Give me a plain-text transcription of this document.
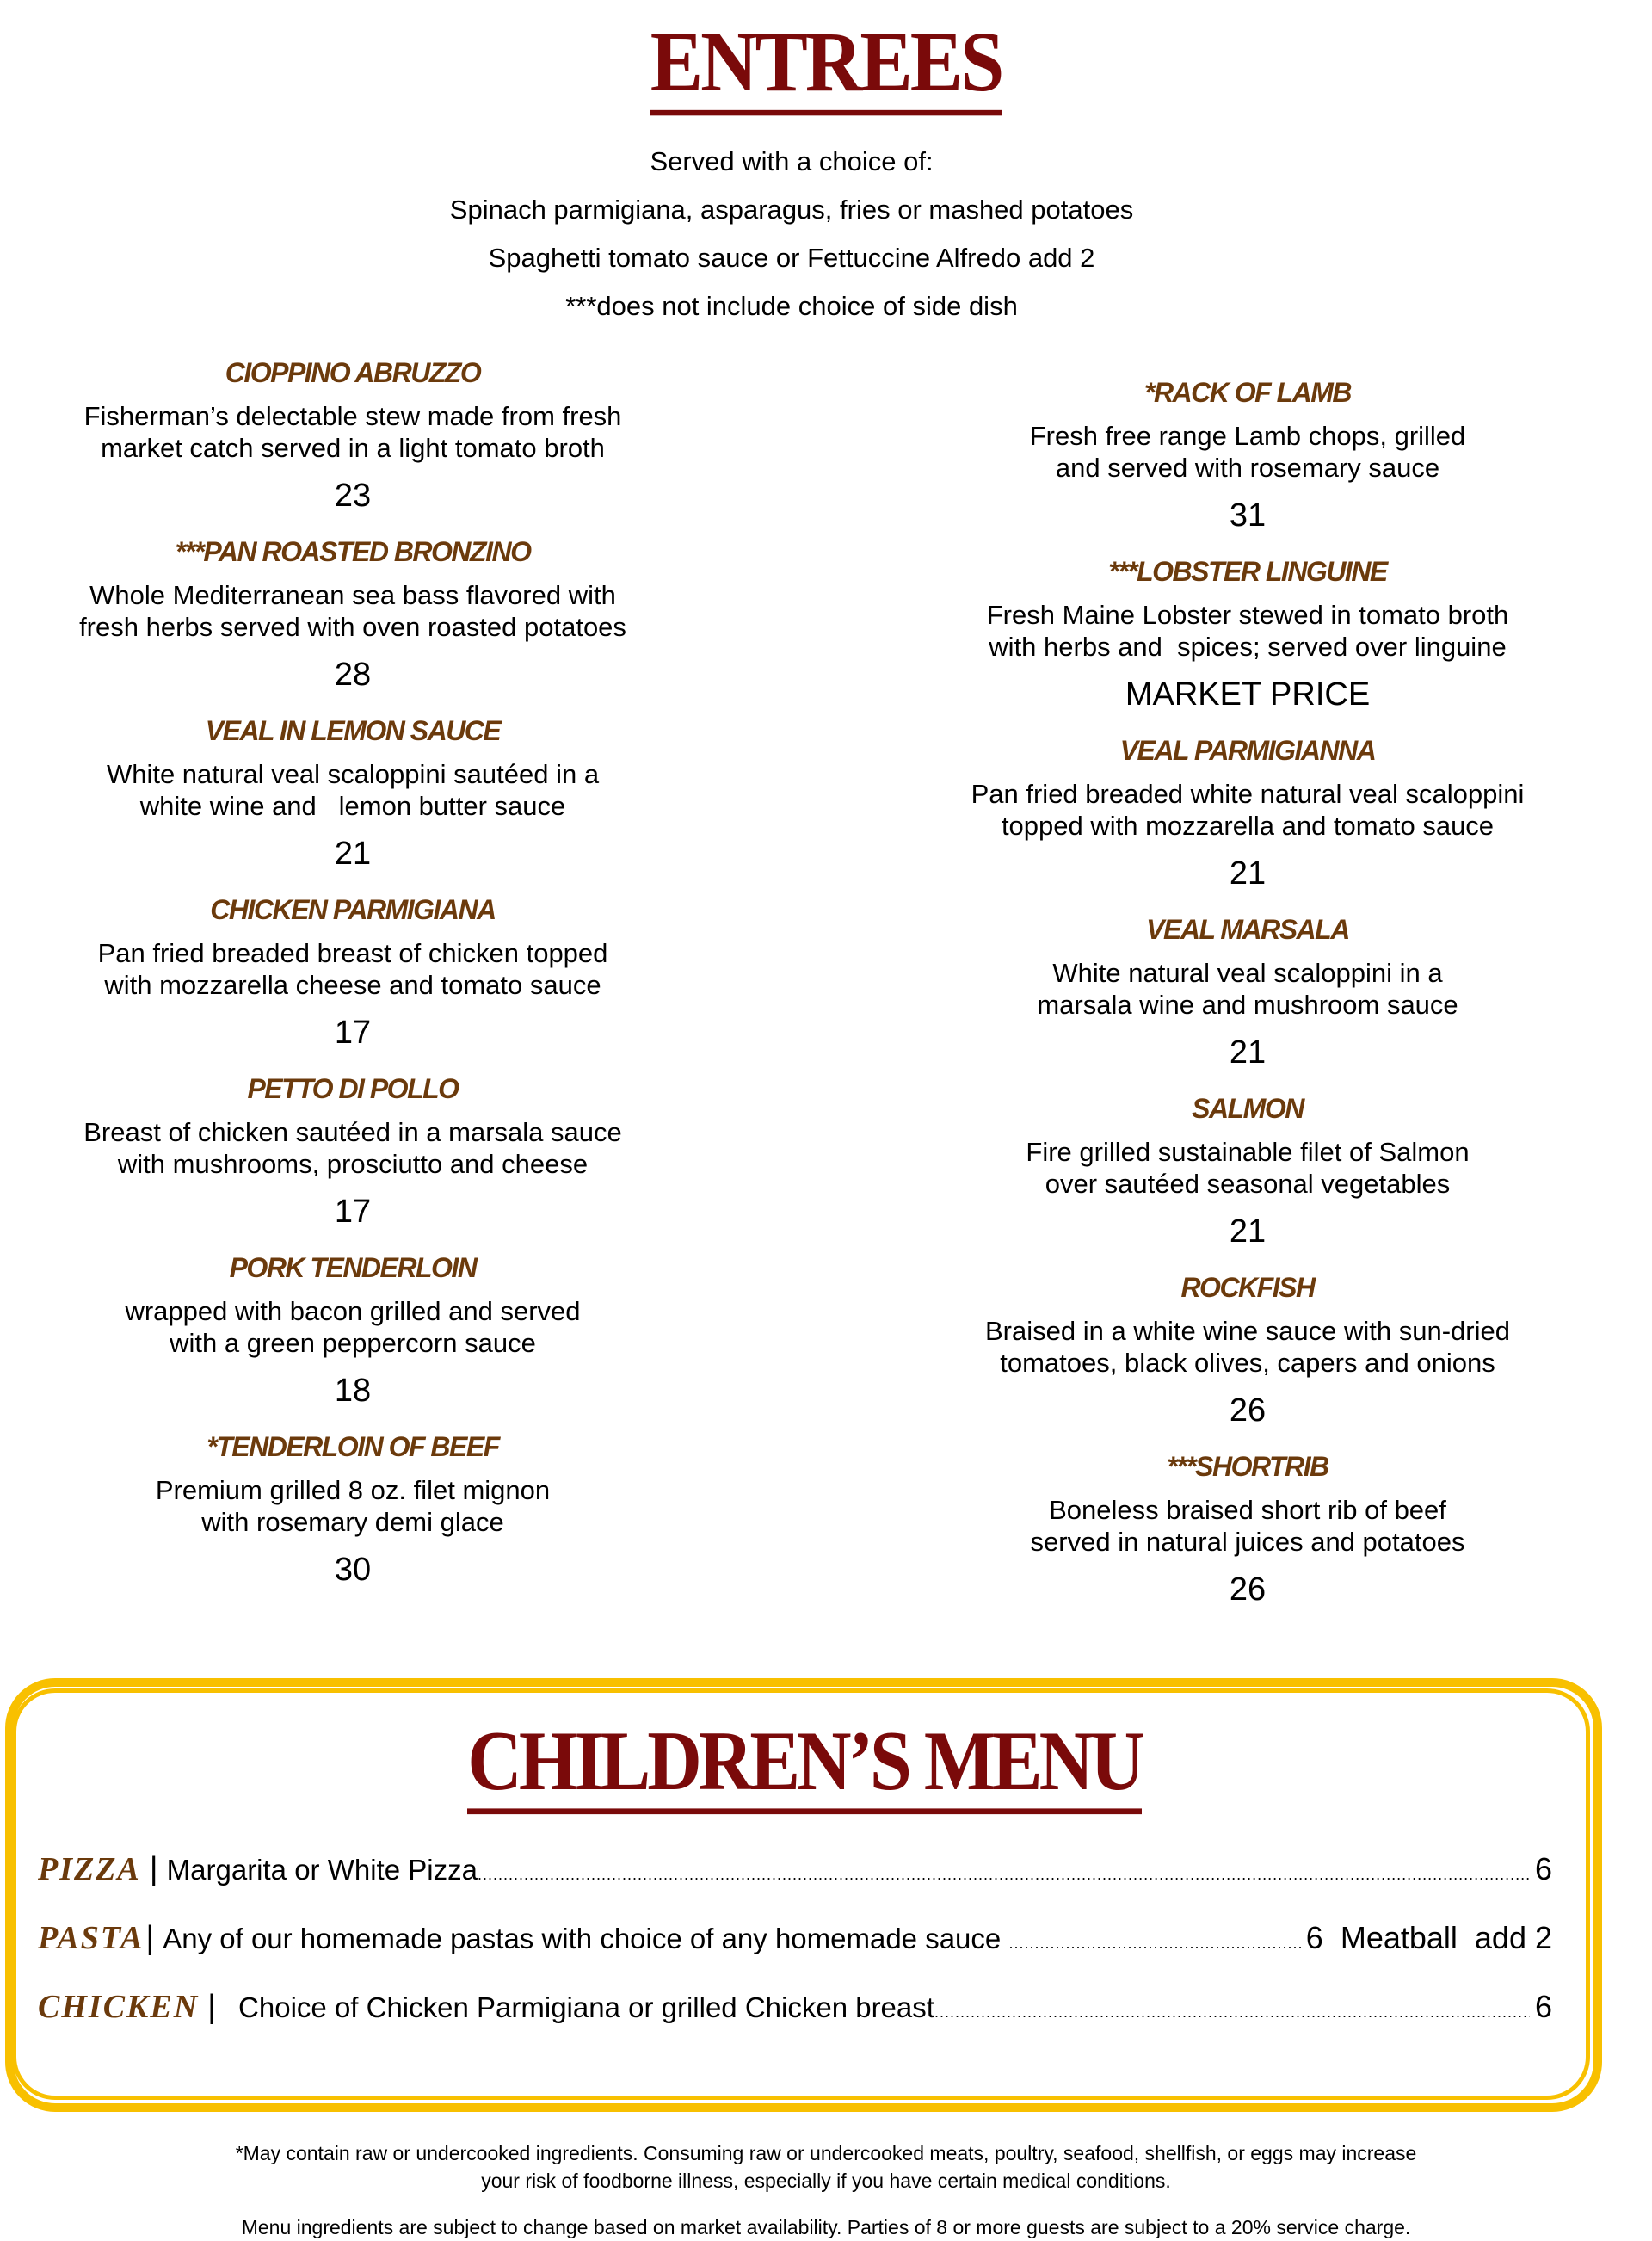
ENTREES
Served with a choice of:
Spinach parmigiana, asparagus, fries or mashed potatoes
Spaghetti tomato sauce or Fettuccine Alfredo add 2
***does not include choice of side dish
CIOPPINO ABRUZZO
Fisherman’s delectable stew made from fresh
market catch served in a light tomato broth
23
***PAN ROASTED BRONZINO
Whole Mediterranean sea bass flavored with
fresh herbs served with oven roasted potatoes
28
VEAL IN LEMON SAUCE
White natural veal scaloppini sautéed in a
white wine and   lemon butter sauce
21
CHICKEN PARMIGIANA
Pan fried breaded breast of chicken topped
with mozzarella cheese and tomato sauce
17
PETTO DI POLLO
Breast of chicken sautéed in a marsala sauce
with mushrooms, prosciutto and cheese
17
PORK TENDERLOIN
wrapped with bacon grilled and served
with a green peppercorn sauce
18
*TENDERLOIN OF BEEF
Premium grilled 8 oz. filet mignon
with rosemary demi glace
30
*RACK OF LAMB
Fresh free range Lamb chops, grilled
and served with rosemary sauce
31
***LOBSTER LINGUINE
Fresh Maine Lobster stewed in tomato broth
with herbs and  spices; served over linguine
MARKET PRICE
VEAL PARMIGIANNA
Pan fried breaded white natural veal scaloppini
topped with mozzarella and tomato sauce
21
VEAL MARSALA
White natural veal scaloppini in a
marsala wine and mushroom sauce
21
SALMON
Fire grilled sustainable filet of Salmon
over sautéed seasonal vegetables
21
ROCKFISH
Braised in a white wine sauce with sun-dried
tomatoes, black olives, capers and onions
26
***SHORTRIB
Boneless braised short rib of beef
served in natural juices and potatoes
26
CHILDREN’S MENU
PIZZA | Margarita or White Pizza .....	6
PASTA | Any of our homemade pastas with choice of any homemade sauce .....	6 Meatball  add 2
CHICKEN | Choice of Chicken Parmigiana or grilled Chicken breast .....	6
*May contain raw or undercooked ingredients. Consuming raw or undercooked meats, poultry, seafood, shellfish, or eggs may increase
your risk of foodborne illness, especially if you have certain medical conditions.
Menu ingredients are subject to change based on market availability. Parties of 8 or more guests are subject to a 20% service charge.
